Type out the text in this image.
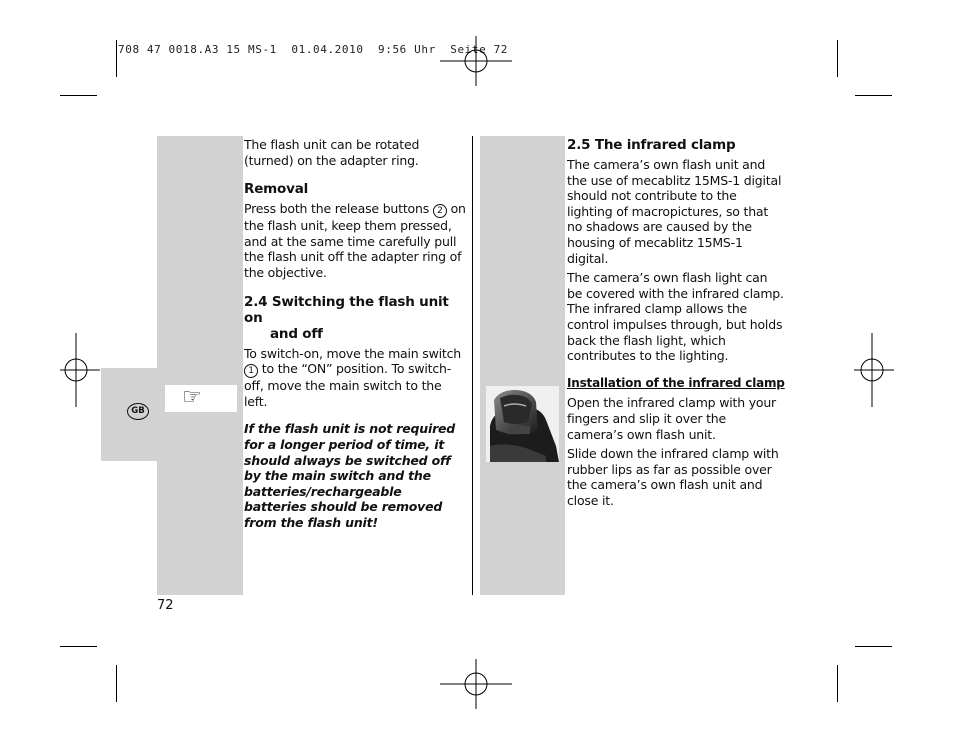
708 47 0018.A3 15 MS-1  01.04.2010  9:56 Uhr  Seite 72
GB
☞

The flash unit can be rotated (turned) on the adapter ring.

Removal

Press both the release buttons 2 on the flash unit, keep them pressed, and at the same time carefully pull the flash unit off the adapter ring of the objective.

2.4 Switching the flash unit on
and off

To switch-on, move the main switch 1 to the “ON” position. To switch-off, move the main switch to the left.

If the flash unit is not required for a longer period of time, it should always be switched off by the main switch and the batteries/rechargeable batteries should be removed from the flash unit!
2.5 The infrared clamp

The camera’s own flash unit and the use of mecablitz 15MS-1 digital should not contribute to the lighting of macropictures, so that no shadows are caused by the housing of mecablitz 15MS-1 digital.

The camera’s own flash light can be covered with the infrared clamp. The infrared clamp allows the control impulses through, but holds back the flash light, which contributes to the lighting.

Installation of the infrared clamp

Open the infrared clamp with your fingers and slip it over the camera’s own flash unit.

Slide down the infrared clamp with rubber lips as far as possible over the camera’s own flash unit and close it.

72
